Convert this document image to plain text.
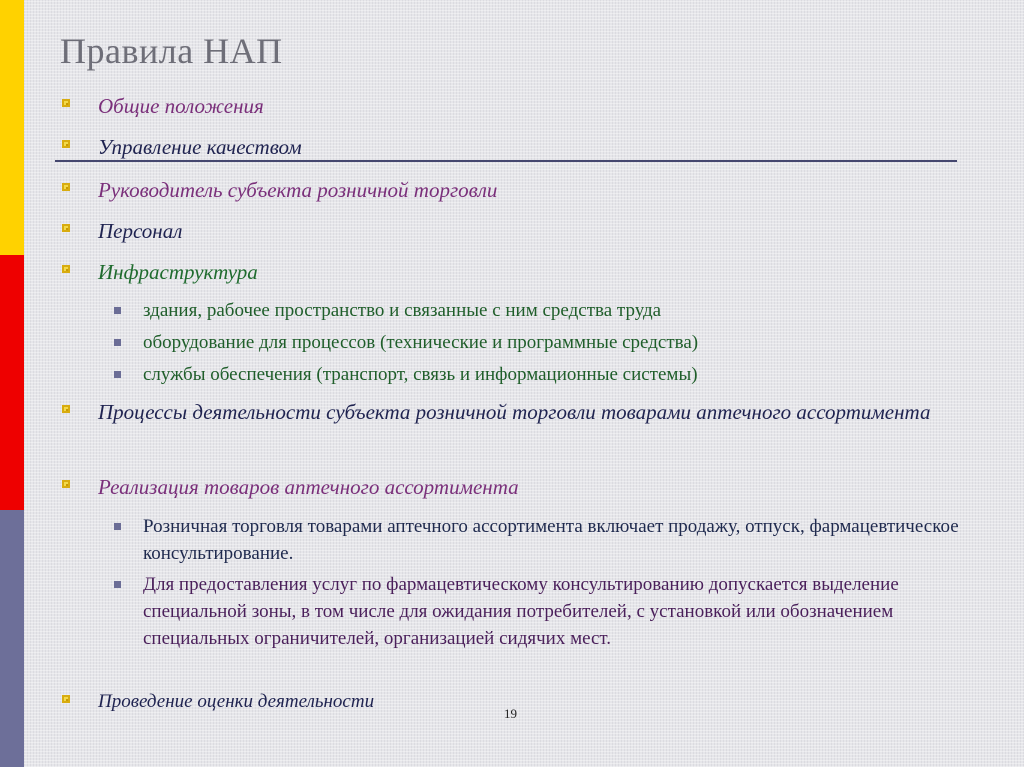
Правила НАП
Общие положения
Управление качеством
Руководитель субъекта розничной торговли
Персонал
Инфраструктура
здания, рабочее пространство и связанные с ним средства труда
оборудование для процессов (технические и программные средства)
службы обеспечения (транспорт, связь и информационные системы)
Процессы деятельности субъекта розничной торговли товарами аптечного ассортимента
Реализация товаров аптечного ассортимента
Розничная торговля товарами аптечного ассортимента включает продажу, отпуск, фармацевтическое консультирование.
Для предоставления услуг по фармацевтическому консультированию допускается выделение специальной зоны, в том числе для ожидания потребителей, с установкой или обозначением специальных ограничителей, организацией сидячих мест.
Проведение оценки деятельности
19
